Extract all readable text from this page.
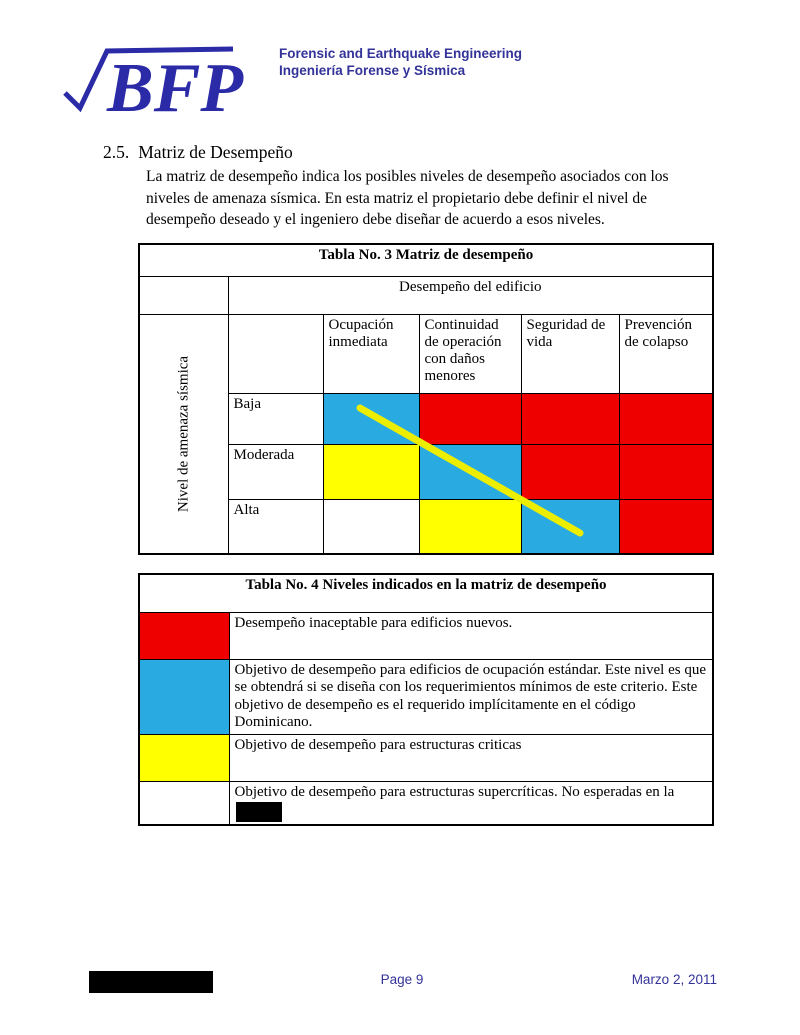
BFP	Forensic and Earthquake Engineering
Ingeniería Forense y Sísmica
2.5. Matriz de Desempeño
La matriz de desempeño indica los posibles niveles de desempeño asociados con los niveles de amenaza sísmica. En esta matriz el propietario debe definir el nivel de desempeño deseado y el ingeniero debe diseñar de acuerdo a esos niveles.
Tabla No. 3 Matriz de desempeño					
	Desempeño del edificio				

Nivel de amenaza sísmica		Ocupación inmediata	Continuidad de operación con daños menores	Seguridad de vida	Prevención de colapso
	Baja				
	Moderada				
	Alta				
Tabla No. 4 Niveles indicados en la matriz de desempeño	
	Desempeño inaceptable para edificios nuevos.
	Objetivo de desempeño para edificios de ocupación estándar. Este nivel es que se obtendrá si se diseña con los requerimientos mínimos de este criterio. Este objetivo de desempeño es el requerido implícitamente en el código Dominicano.
	Objetivo de desempeño para estructuras criticas
	Objetivo de desempeño para estructuras supercríticas. No esperadas en la
Page 9	Marzo 2, 2011
